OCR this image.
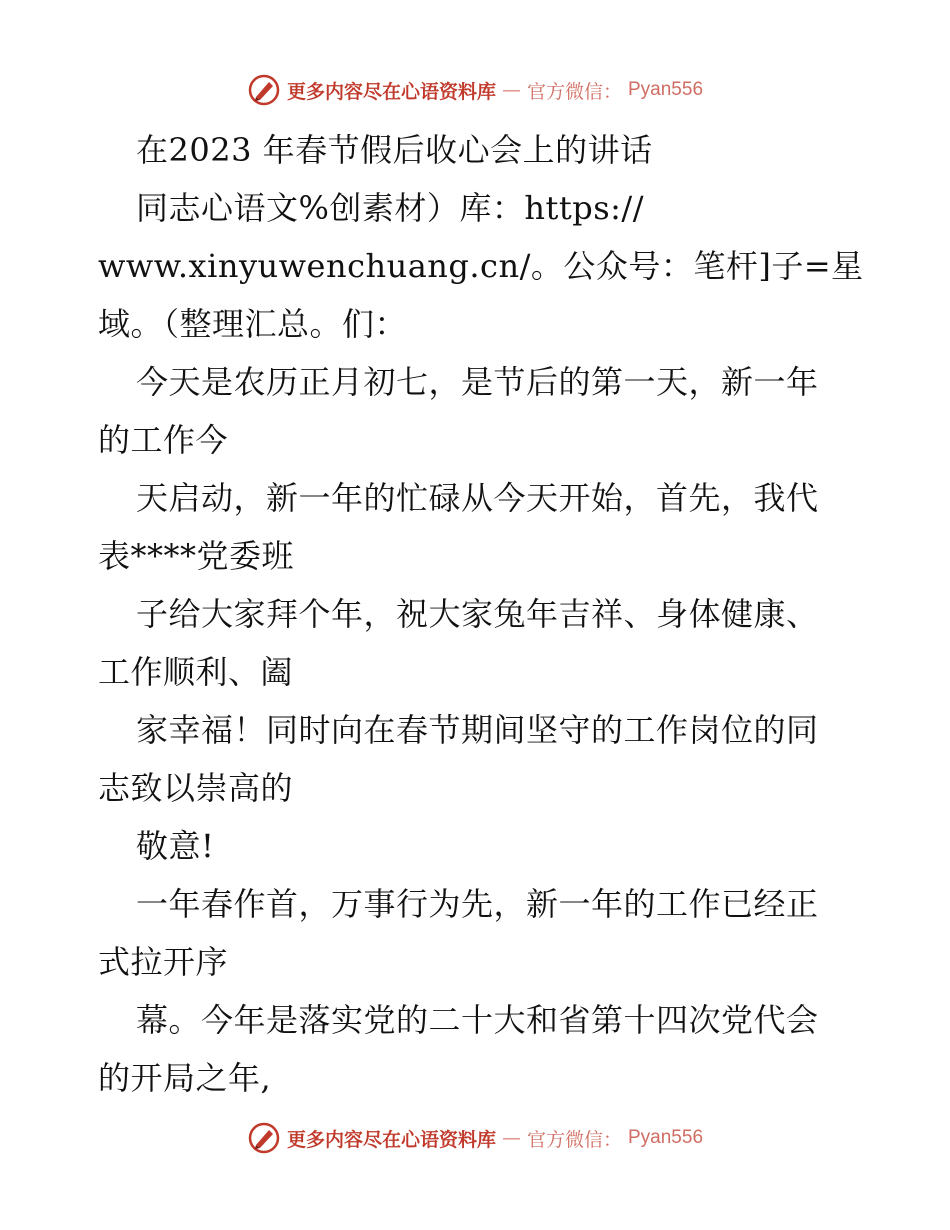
更多内容尽在心语资料库 — 官方微信： Pyan556
在2023 年春节假后收心会上的讲话
同志心语文%创素材）库：https://
www.xinyuwenchuang.cn/。公众号：笔杆]子=星
域。（整理汇总。们：
今天是农历正月初七，是节后的第一天，新一年
的工作今
天启动，新一年的忙碌从今天开始，首先，我代
表****党委班
子给大家拜个年，祝大家兔年吉祥、身体健康、
工作顺利、阖
家幸福！同时向在春节期间坚守的工作岗位的同
志致以崇高的
敬意!
一年春作首，万事行为先，新一年的工作已经正
式拉开序
幕。今年是落实党的二十大和省第十四次党代会
的开局之年,
更多内容尽在心语资料库 — 官方微信： Pyan556
